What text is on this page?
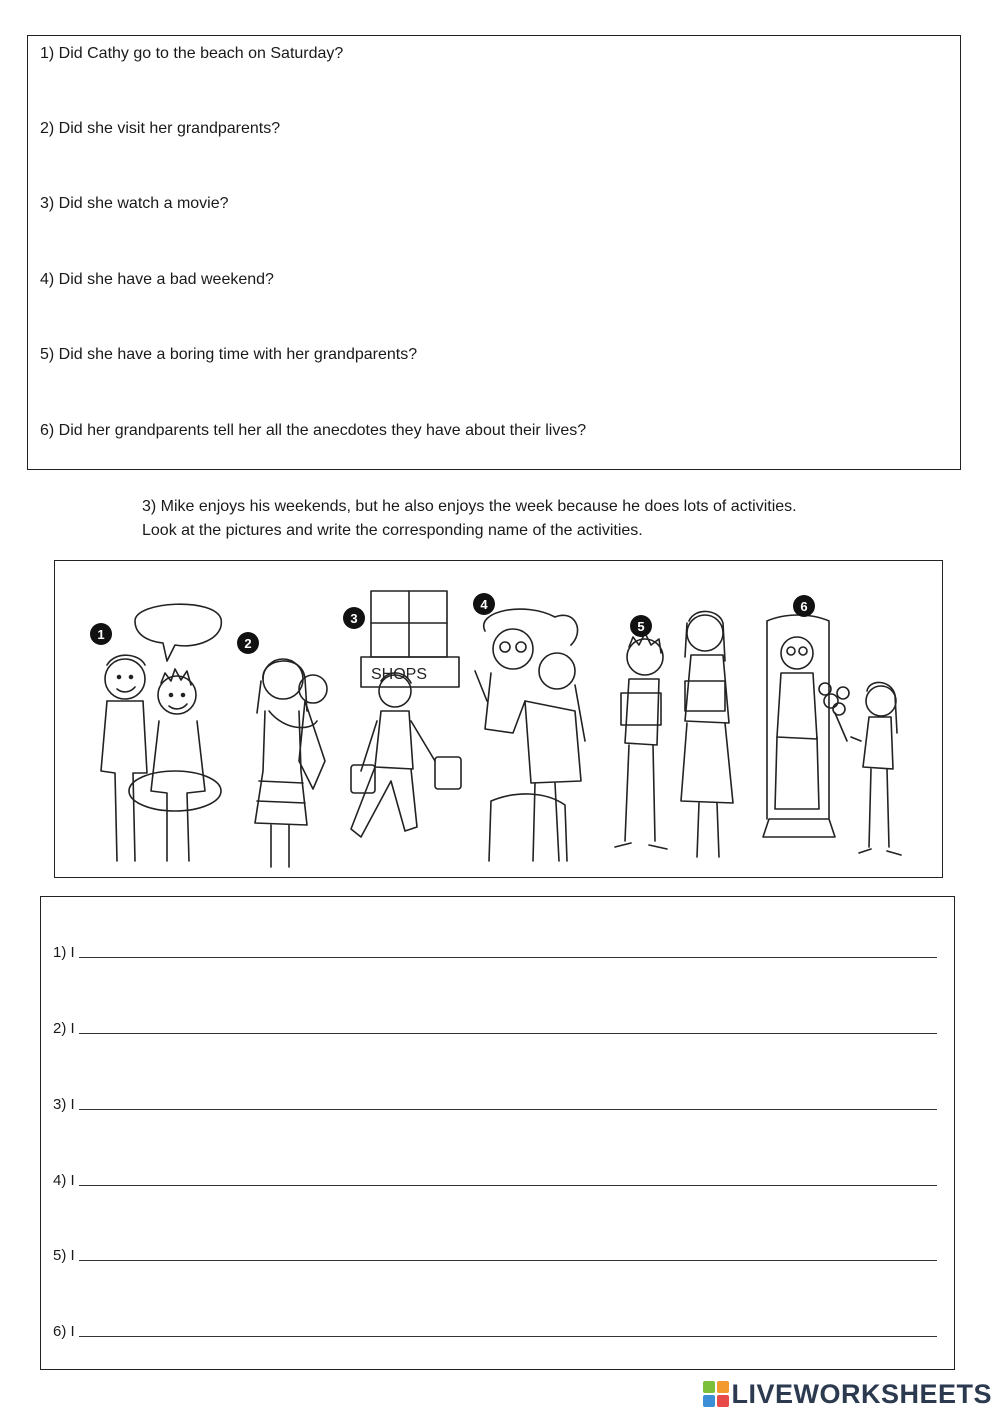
1) Did Cathy go to the beach on Saturday?
2) Did she visit her grandparents?
3) Did she watch a movie?
4) Did she have a bad weekend?
5) Did she have a boring time with her grandparents?
6) Did her grandparents tell her all the anecdotes they have about their lives?
3) Mike enjoys his weekends, but he also enjoys the week because he does lots of activities.
Look at the pictures and write the corresponding name of the activities.
SHOPS
1
2
3
4
5
6
1) I
2) I
3) I
4) I
5) I
6) I
LIVEWORKSHEETS
